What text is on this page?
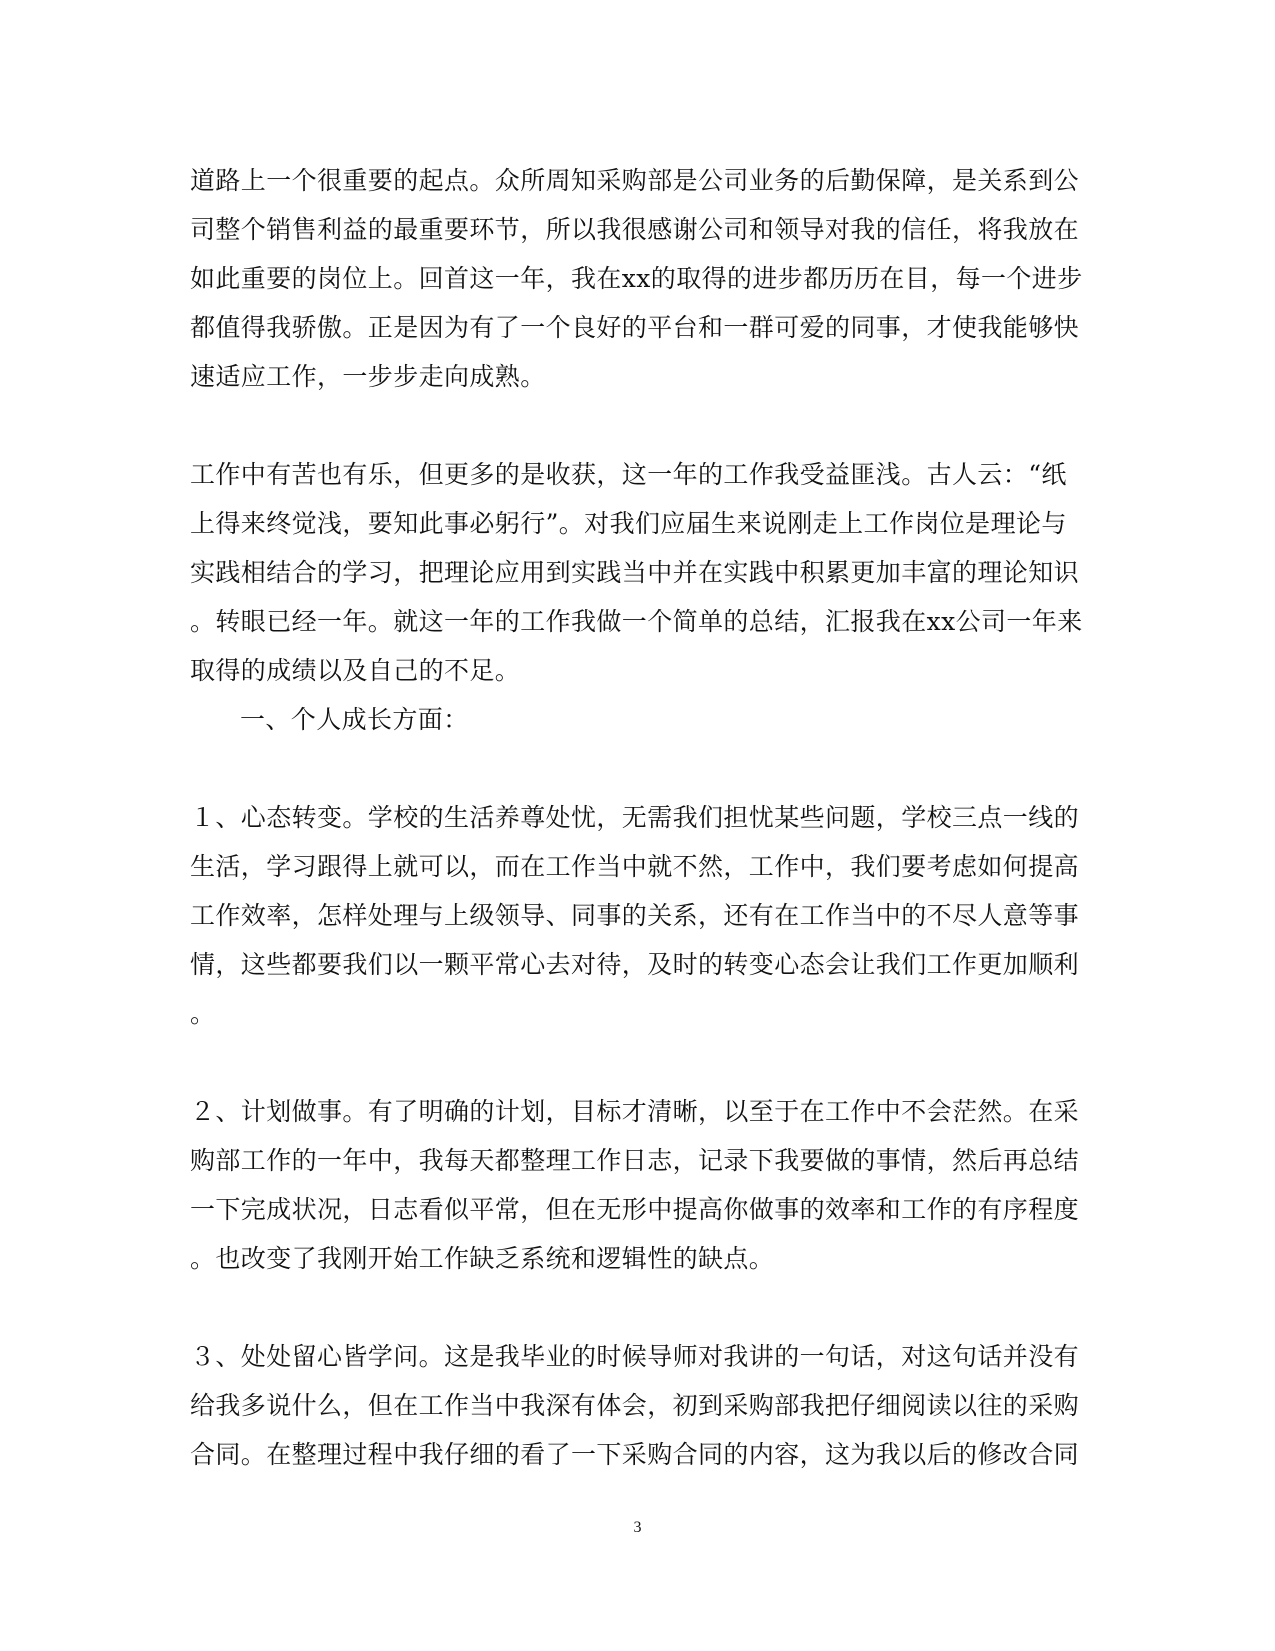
道路上一个很重要的起点。众所周知采购部是公司业务的后勤保障，是关系到公
司整个销售利益的最重要环节，所以我很感谢公司和领导对我的信任，将我放在
如此重要的岗位上。回首这一年，我在xx的取得的进步都历历在目，每一个进步
都值得我骄傲。正是因为有了一个良好的平台和一群可爱的同事，才使我能够快
速适应工作，一步步走向成熟。
工作中有苦也有乐，但更多的是收获，这一年的工作我受益匪浅。古人云：“纸
上得来终觉浅，要知此事必躬行”。对我们应届生来说刚走上工作岗位是理论与
实践相结合的学习，把理论应用到实践当中并在实践中积累更加丰富的理论知识
。转眼已经一年。就这一年的工作我做一个简单的总结，汇报我在xx公司一年来
取得的成绩以及自己的不足。
一、个人成长方面：
１、心态转变。学校的生活养尊处忧，无需我们担忧某些问题，学校三点一线的
生活，学习跟得上就可以，而在工作当中就不然，工作中，我们要考虑如何提高
工作效率，怎样处理与上级领导、同事的关系，还有在工作当中的不尽人意等事
情，这些都要我们以一颗平常心去对待，及时的转变心态会让我们工作更加顺利
。
２、计划做事。有了明确的计划，目标才清晰，以至于在工作中不会茫然。在采
购部工作的一年中，我每天都整理工作日志，记录下我要做的事情，然后再总结
一下完成状况，日志看似平常，但在无形中提高你做事的效率和工作的有序程度
。也改变了我刚开始工作缺乏系统和逻辑性的缺点。
３、处处留心皆学问。这是我毕业的时候导师对我讲的一句话，对这句话并没有
给我多说什么，但在工作当中我深有体会，初到采购部我把仔细阅读以往的采购
合同。在整理过程中我仔细的看了一下采购合同的内容，这为我以后的修改合同
3
